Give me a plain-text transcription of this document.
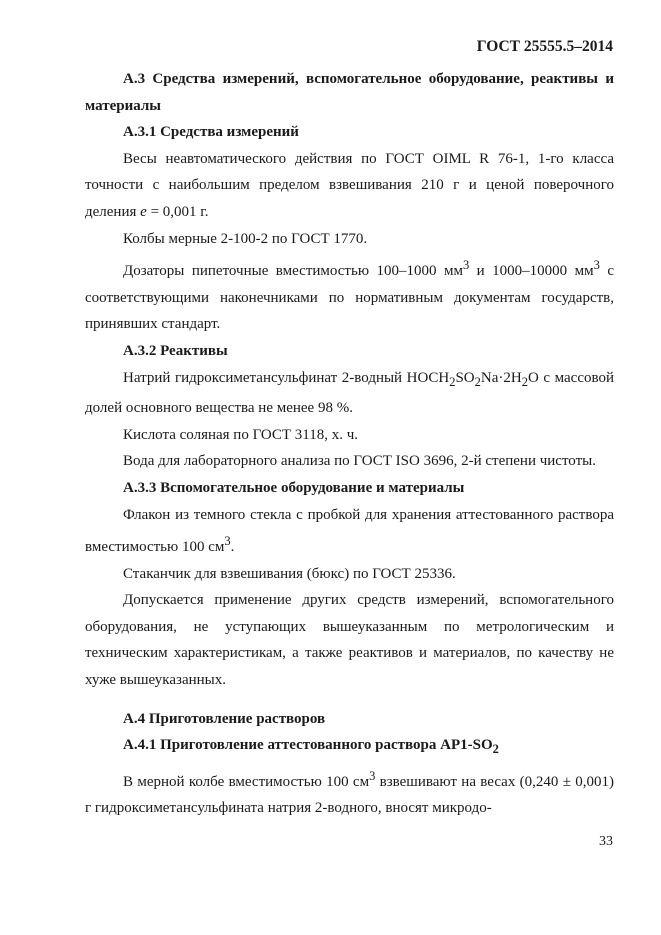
ГОСТ 25555.5–2014

А.3 Средства измерений, вспомогательное оборудование, реактивы и материалы

А.3.1 Средства измерений

Весы неавтоматического действия по ГОСТ OIML R 76-1, 1-го класса точности с наибольшим пределом взвешивания 210 г и ценой поверочного деления е = 0,001 г.

Колбы мерные 2-100-2 по ГОСТ 1770.

Дозаторы пипеточные вместимостью 100–1000 $мм^3$ и 1000–10000 $мм^3$ с соответствующими наконечниками по нормативным документам государств, принявших стандарт.

А.3.2 Реактивы

Натрий гидроксиметансульфинат 2-водный $HOCH_2SO_2Na\cdot 2H_2O$ с массовой долей основного вещества не менее 98 %.

Кислота соляная по ГОСТ 3118, х. ч.

Вода для лабораторного анализа по ГОСТ ISO 3696, 2-й степени чистоты.

А.3.3 Вспомогательное оборудование и материалы

Флакон из темного стекла с пробкой для хранения аттестованного раствора вместимостью 100 $см^3$.

Стаканчик для взвешивания (бюкс) по ГОСТ 25336.

Допускается применение других средств измерений, вспомогательного оборудования, не уступающих вышеуказанным по метрологическим и техническим характеристикам, а также реактивов и материалов, по качеству не хуже вышеуказанных.

А.4 Приготовление растворов

А.4.1 Приготовление аттестованного раствора $АР1-SO_2$

В мерной колбе вместимостью 100 $см^3$ взвешивают на весах (0,240 ± 0,001) г гидроксиметансульфината натрия 2-водного, вносят микродо-

33
